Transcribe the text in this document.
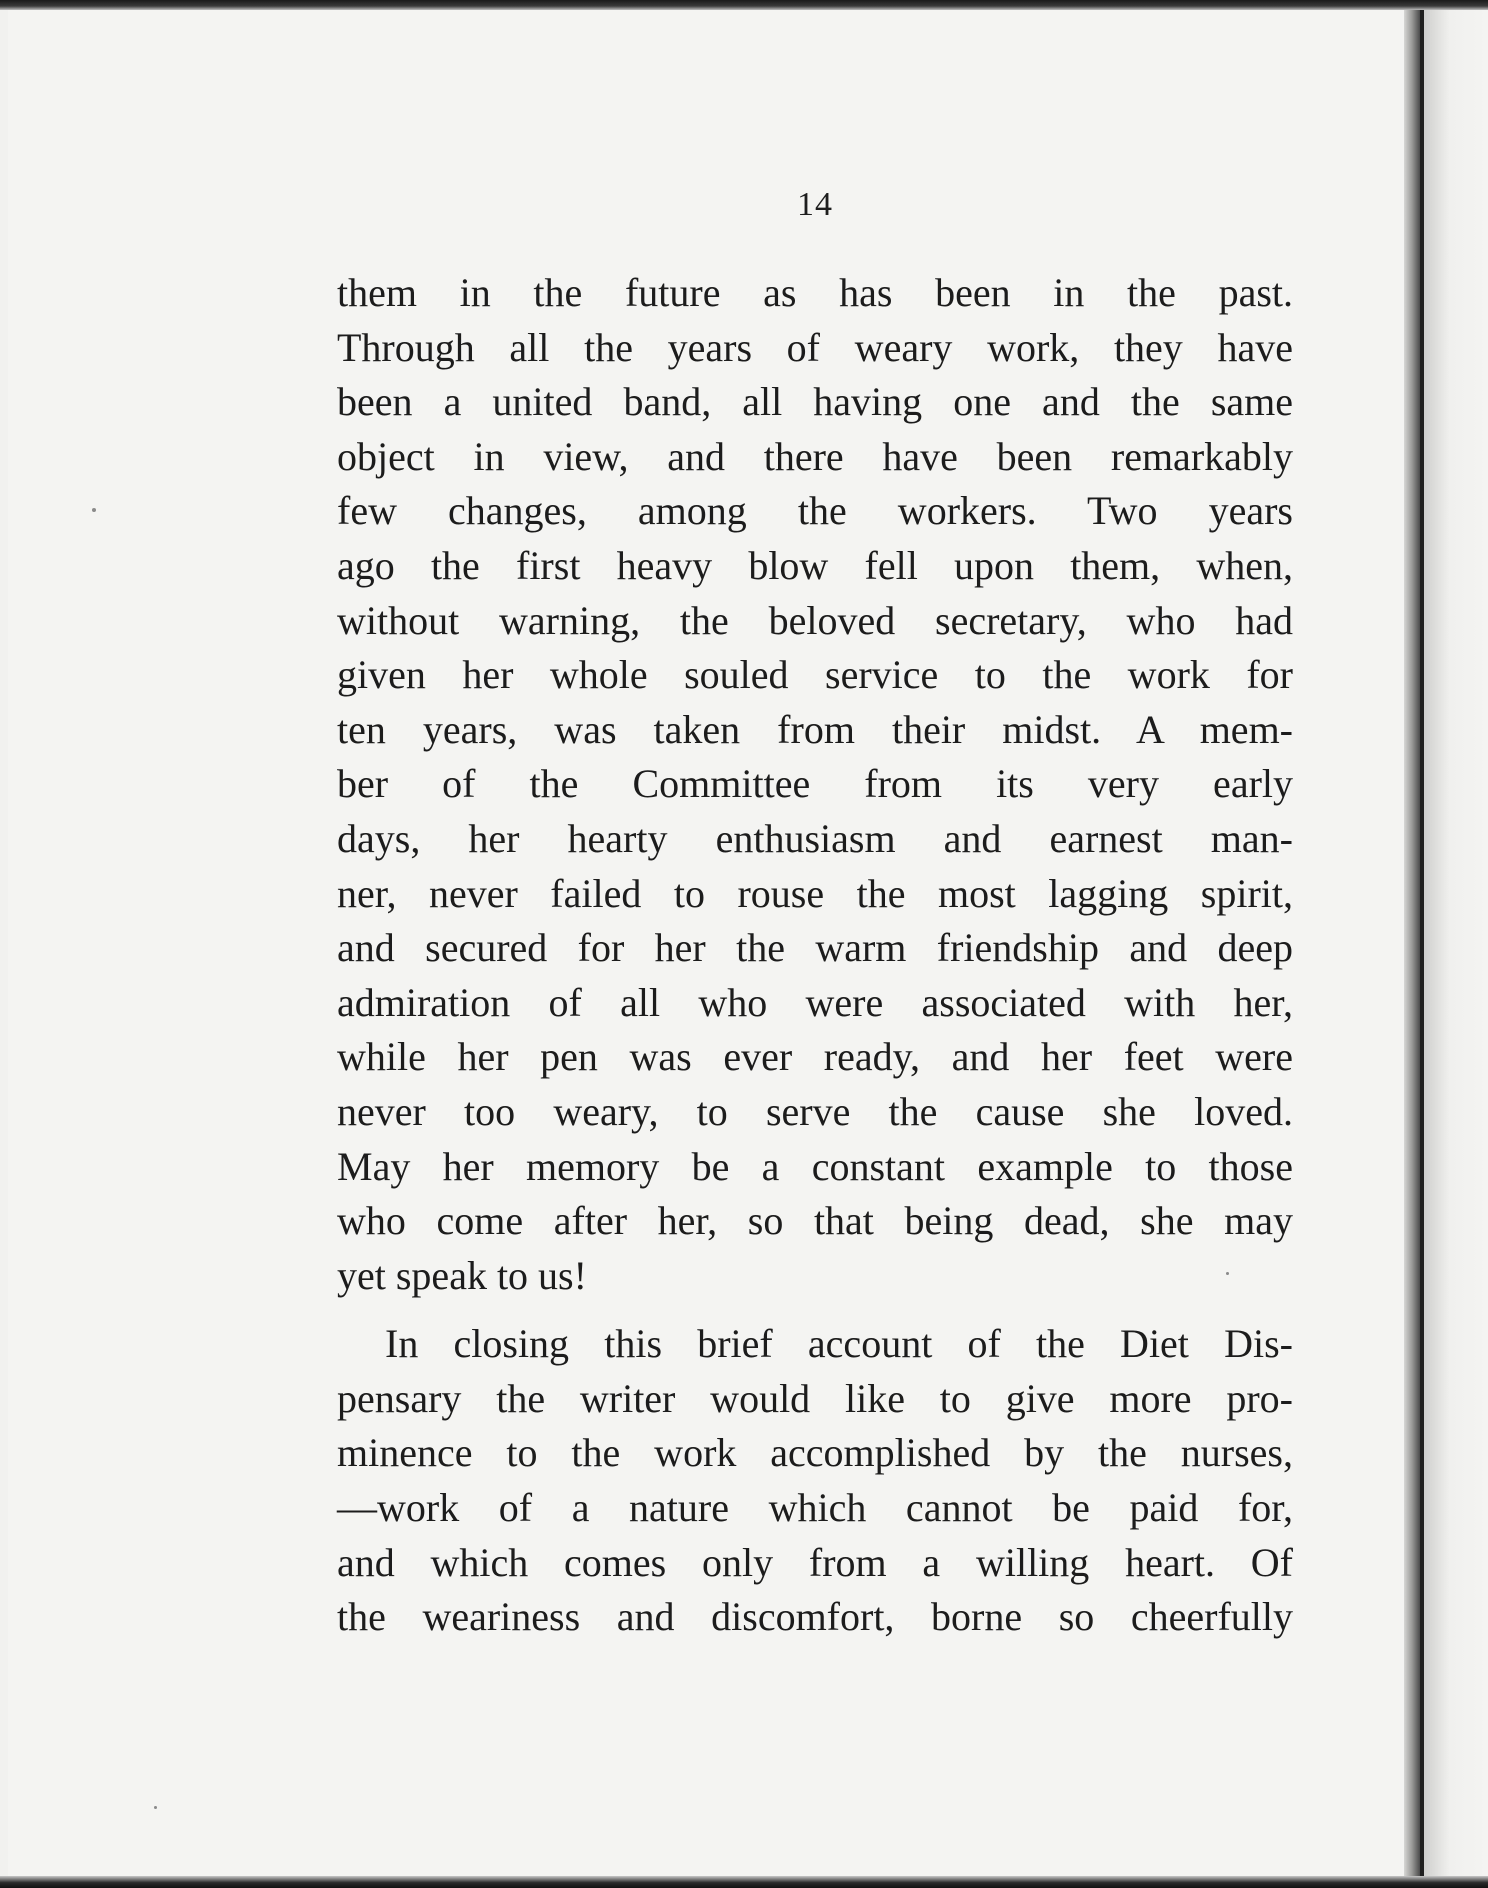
14
them in the future as has been in the past.
Through all the years of weary work, they have
been a united band, all having one and the same
object in view, and there have been remarkably
few changes, among the workers. Two years
ago the first heavy blow fell upon them, when,
without warning, the beloved secretary, who had
given her whole souled service to the work for
ten years, was taken from their midst. A mem-
ber of the Committee from its very early
days, her hearty enthusiasm and earnest man-
ner, never failed to rouse the most lagging spirit,
and secured for her the warm friendship and deep
admiration of all who were associated with her,
while her pen was ever ready, and her feet were
never too weary, to serve the cause she loved.
May her memory be a constant example to those
who come after her, so that being dead, she may
yet speak to us!
In closing this brief account of the Diet Dis-
pensary the writer would like to give more pro-
minence to the work accomplished by the nurses,
—work of a nature which cannot be paid for,
and which comes only from a willing heart. Of
the weariness and discomfort, borne so cheerfully
